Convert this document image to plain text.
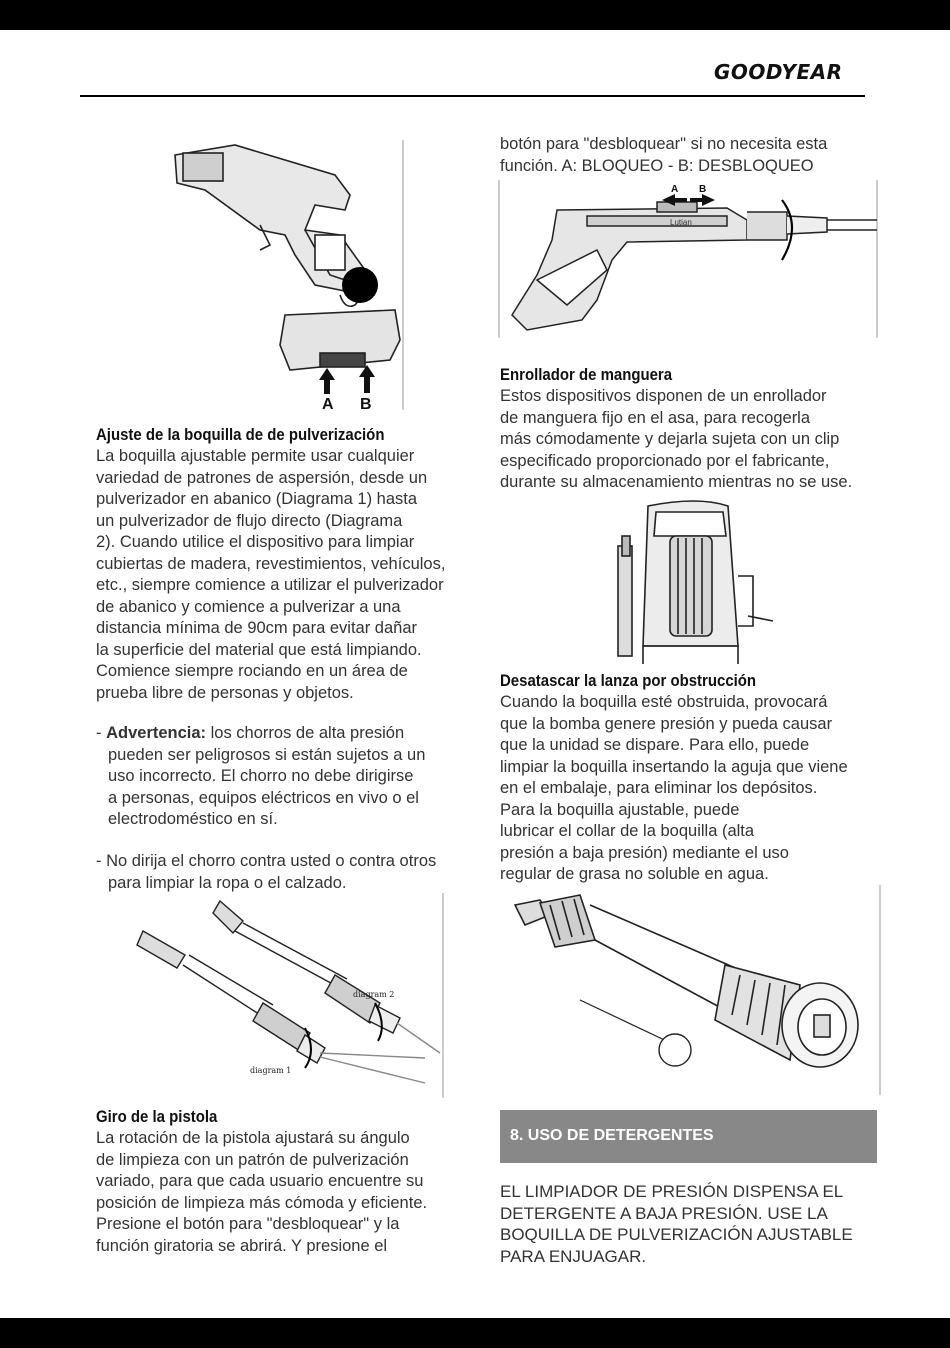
GOODYEAR
A B
Ajuste de la boquilla de de pulverización
La boquilla ajustable permite usar cualquier
variedad de patrones de aspersión, desde un
pulverizador en abanico (Diagrama 1) hasta
un pulverizador de flujo directo (Diagrama
2). Cuando utilice el dispositivo para limpiar
cubiertas de madera, revestimientos, vehículos,
etc., siempre comience a utilizar el pulverizador
de abanico y comience a pulverizar a una
distancia mínima de 90cm para evitar dañar
la superficie del material que está limpiando.
Comience siempre rociando en un área de
prueba libre de personas y objetos.
- Advertencia: los chorros de alta presión
pueden ser peligrosos si están sujetos a un
uso incorrecto. El chorro no debe dirigirse
a personas, equipos eléctricos en vivo o el
electrodoméstico en sí.
- No dirija el chorro contra usted o contra otros
para limpiar la ropa o el calzado.
diagram 2
diagram 1
Giro de la pistola
La rotación de la pistola ajustará su ángulo
de limpieza con un patrón de pulverización
variado, para que cada usuario encuentre su
posición de limpieza más cómoda y eficiente.
Presione el botón para "desbloquear" y la
función giratoria se abrirá. Y presione el
botón para "desbloquear" si no necesita esta
función. A: BLOQUEO - B: DESBLOQUEO
Lutian
A B
Enrollador de manguera
Estos dispositivos disponen de un enrollador
de manguera fijo en el asa, para recogerla
más cómodamente y dejarla sujeta con un clip
especificado proporcionado por el fabricante,
durante su almacenamiento mientras no se use.
Desatascar la lanza por obstrucción
Cuando la boquilla esté obstruida, provocará
que la bomba genere presión y pueda causar
que la unidad se dispare. Para ello, puede
limpiar la boquilla insertando la aguja que viene
en el embalaje, para eliminar los depósitos.
Para la boquilla ajustable, puede
lubricar el collar de la boquilla (alta
presión a baja presión) mediante el uso
regular de grasa no soluble en agua.
8. USO DE DETERGENTES
EL LIMPIADOR DE PRESIÓN DISPENSA EL
DETERGENTE A BAJA PRESIÓN. USE LA
BOQUILLA DE PULVERIZACIÓN AJUSTABLE
PARA ENJUAGAR.
